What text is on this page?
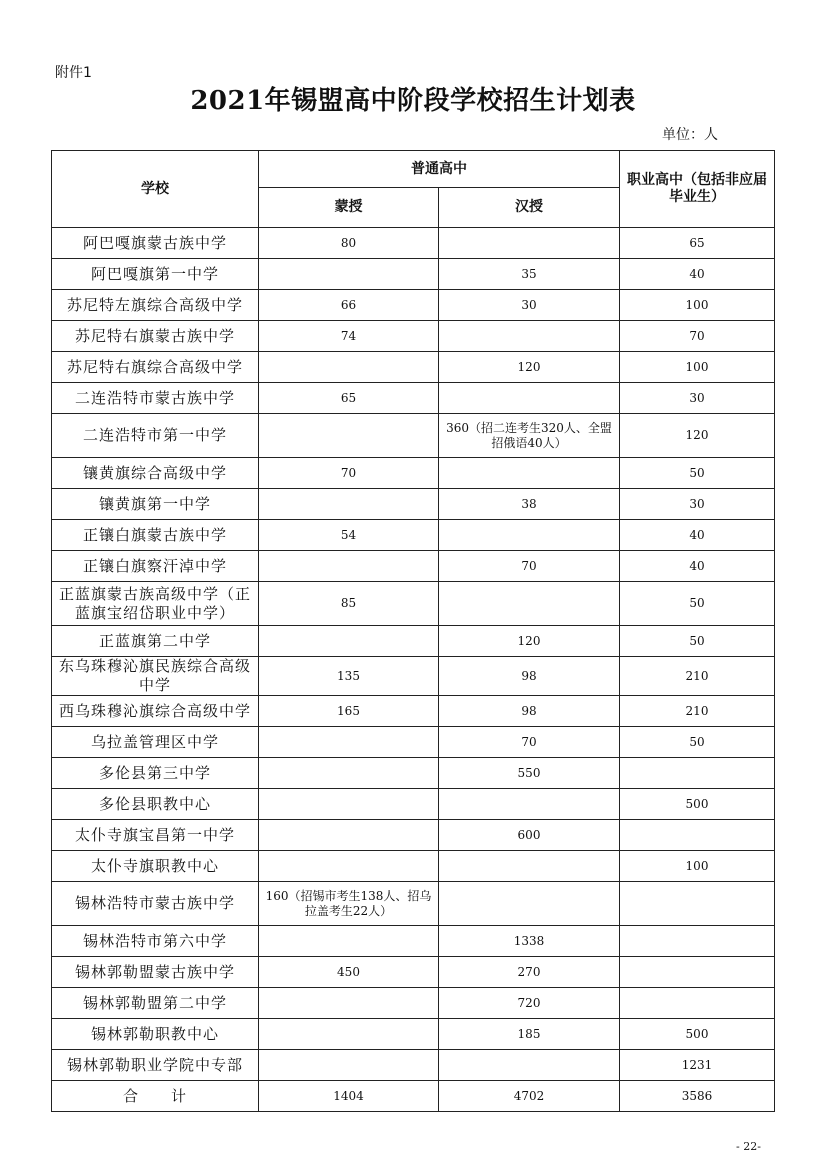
附件1
2021年锡盟高中阶段学校招生计划表
单位：人
学校	普通高中		职业高中（包括非应届毕业生）
	蒙授	汉授	
阿巴嘎旗蒙古族中学	80		65
阿巴嘎旗第一中学		35	40
苏尼特左旗综合高级中学	66	30	100
苏尼特右旗蒙古族中学	74		70
苏尼特右旗综合高级中学		120	100
二连浩特市蒙古族中学	65		30
二连浩特市第一中学		360（招二连考生320人、全盟招俄语40人）	120
镶黄旗综合高级中学	70		50
镶黄旗第一中学		38	30
正镶白旗蒙古族中学	54		40
正镶白旗察汗淖中学		70	40
正蓝旗蒙古族高级中学（正蓝旗宝绍岱职业中学）	85		50
正蓝旗第二中学		120	50
东乌珠穆沁旗民族综合高级中学	135	98	210
西乌珠穆沁旗综合高级中学	165	98	210
乌拉盖管理区中学		70	50
多伦县第三中学		550	
多伦县职教中心			500
太仆寺旗宝昌第一中学		600	
太仆寺旗职教中心			100
锡林浩特市蒙古族中学	160（招锡市考生138人、招乌拉盖考生22人）		
锡林浩特市第六中学		1338	
锡林郭勒盟蒙古族中学	450	270	
锡林郭勒盟第二中学		720	
锡林郭勒职教中心		185	500
锡林郭勒职业学院中专部			1231
合　　计	1404	4702	3586
- 22-
